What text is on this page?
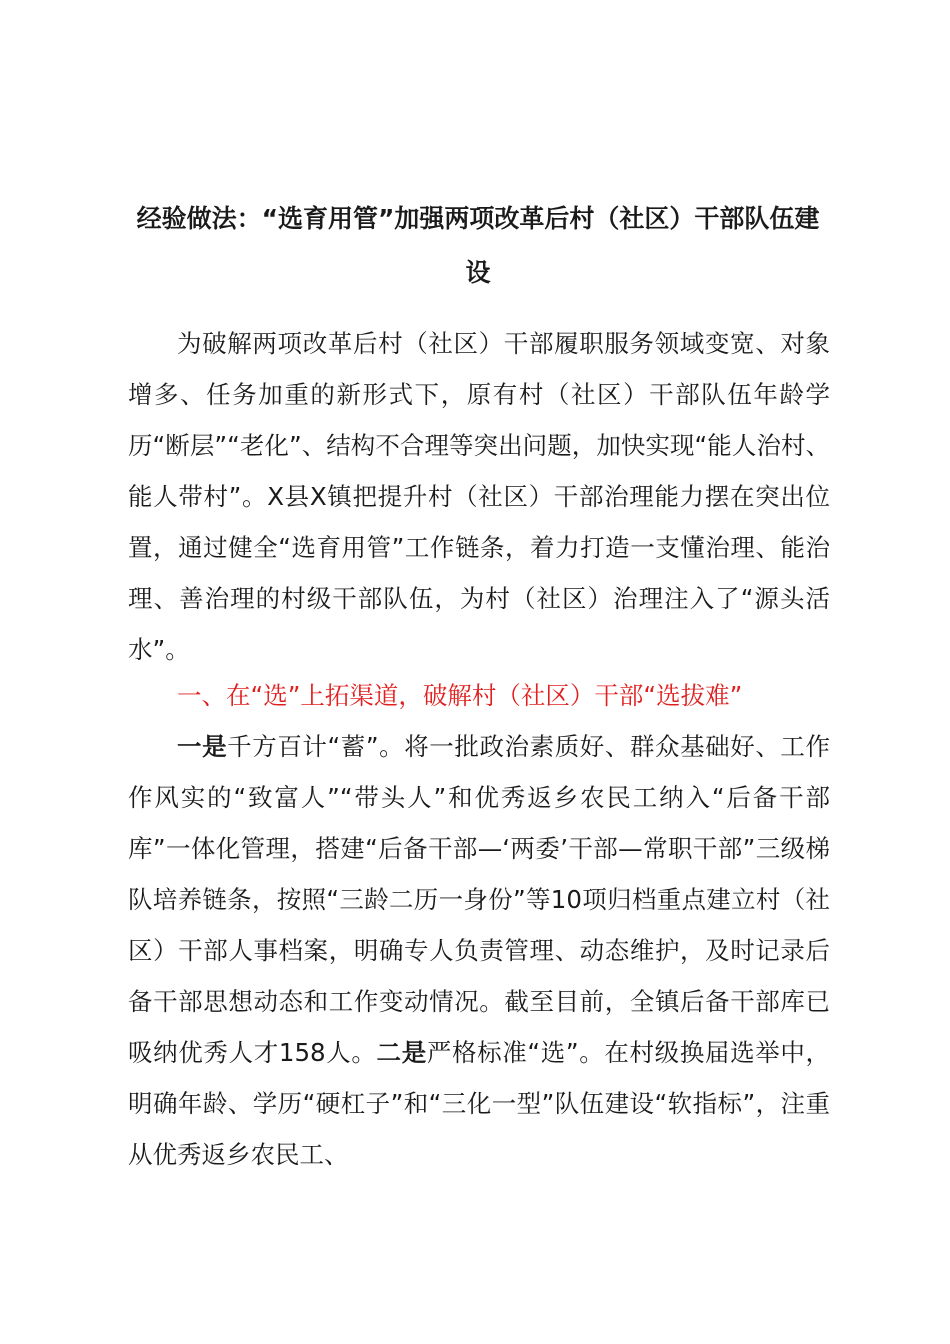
经验做法：“选育用管”加强两项改革后村（社区）干部队伍建设

为破解两项改革后村（社区）干部履职服务领域变宽、对象增多、任务加重的新形式下，原有村（社区）干部队伍年龄学历“断层”“老化”、结构不合理等突出问题，加快实现“能人治村、能人带村”。X县X镇把提升村（社区）干部治理能力摆在突出位置，通过健全“选育用管”工作链条，着力打造一支懂治理、能治理、善治理的村级干部队伍，为村（社区）治理注入了“源头活水”。

一、在“选”上拓渠道，破解村（社区）干部“选拔难”

一是千方百计“蓄”。将一批政治素质好、群众基础好、工作作风实的“致富人”“带头人”和优秀返乡农民工纳入“后备干部库”一体化管理，搭建“后备干部—‘两委’干部—常职干部”三级梯队培养链条，按照“三龄二历一身份”等10项归档重点建立村（社区）干部人事档案，明确专人负责管理、动态维护，及时记录后备干部思想动态和工作变动情况。截至目前，全镇后备干部库已吸纳优秀人才158人。二是严格标准“选”。在村级换届选举中，明确年龄、学历“硬杠子”和“三化一型”队伍建设“软指标”，注重从优秀返乡农民工、
